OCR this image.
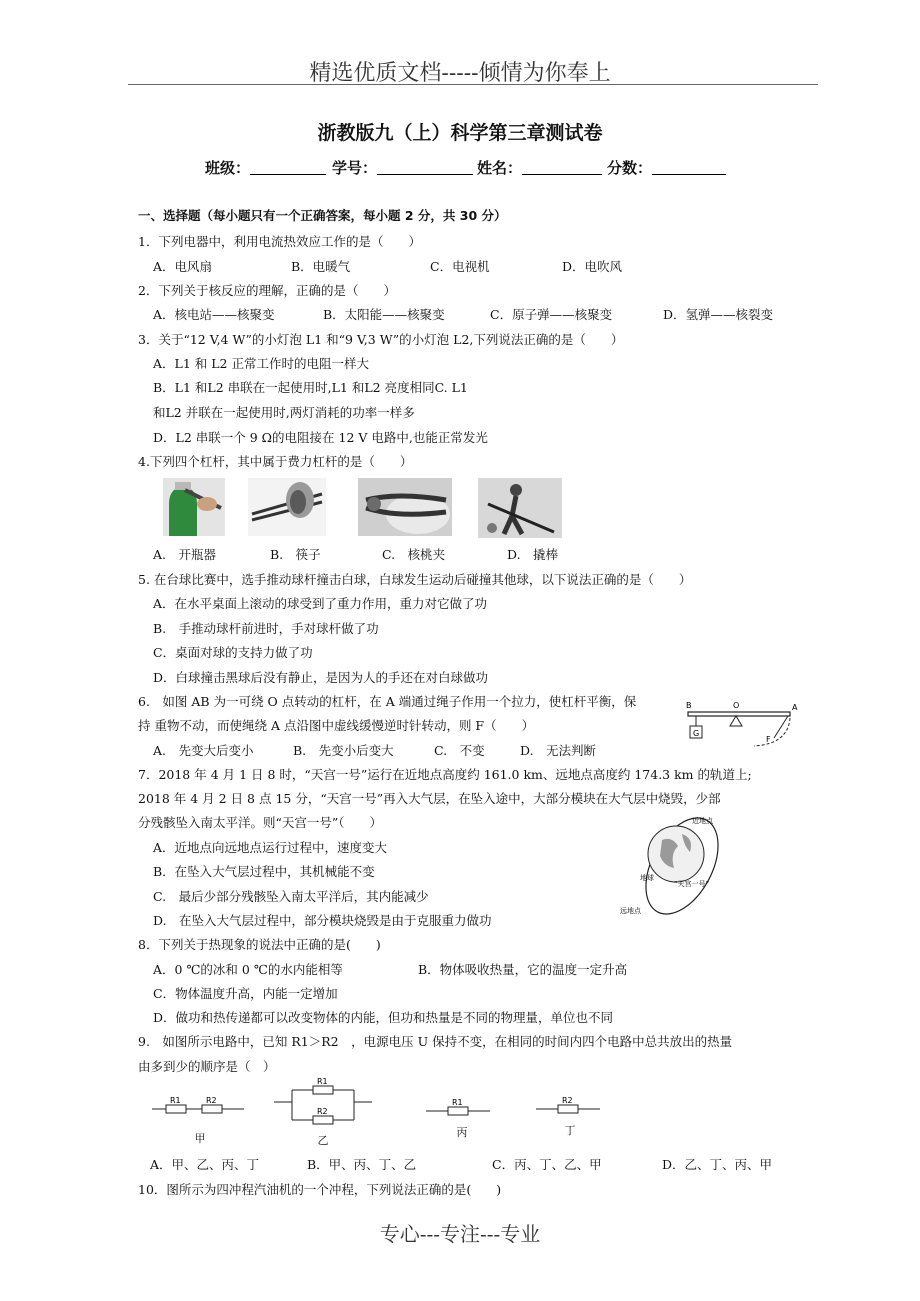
精选优质文档-----倾情为你奉上
浙教版九（上）科学第三章测试卷
班级：	学号：	姓名：	分数：
一、选择题（每小题只有一个正确答案，每小题 2 分，共 30 分）
1．下列电器中，利用电流热效应工作的是（　　）
A．电风扇	B．电暖气	C．电视机	D．电吹风
2．下列关于核反应的理解，正确的是（　　）
A．核电站——核聚变	B．太阳能——核聚变	C．原子弹——核聚变	D．氢弹——核裂变
3．关于“12 V,4 W”的小灯泡 L1 和“9 V,3 W”的小灯泡 L2,下列说法正确的是（　　）
A．L1 和 L2 正常工作时的电阻一样大
B．L1 和L2 串联在一起使用时,L1 和L2 亮度相同C. L1
和L2 并联在一起使用时,两灯消耗的功率一样多
D．L2 串联一个 9 Ω的电阻接在 12 V 电路中,也能正常发光
4.下列四个杠杆，其中属于费力杠杆的是（　　）
A.　开瓶器	B.　筷子	C.　核桃夹	D.　撬棒
5. 在台球比赛中，选手推动球杆撞击白球，白球发生运动后碰撞其他球，以下说法正确的是（　　）
A．在水平桌面上滚动的球受到了重力作用，重力对它做了功
B.　手推动球杆前进时，手对球杆做了功
C．桌面对球的支持力做了功
D．白球撞击黑球后没有静止，是因为人的手还在对白球做功
6.　如图 AB 为一可绕 O 点转动的杠杆，在 A 端通过绳子作用一个拉力，使杠杆平衡，保
持 重物不动，而使绳绕 A 点沿图中虚线缓慢逆时针转动，则 F（　　）
A.　先变大后变小	B.　先变小后变大	C.　不变	D.　无法判断
B	O	A
G
F
7．2018 年 4 月 1 日 8 时，“天宫一号”运行在近地点高度约 161.0 km、远地点高度约 174.3 km 的轨道上;
2018 年 4 月 2 日 8 点 15 分，“天宫一号”再入大气层，在坠入途中，大部分模块在大气层中烧毁，少部
分残骸坠入南太平洋。则“天宫一号”（　　）
A．近地点向远地点运行过程中，速度变大
B．在坠入大气层过程中，其机械能不变
C.　最后少部分残骸坠入南太平洋后，其内能减少
D.　在坠入大气层过程中，部分模块烧毁是由于克服重力做功
近地点
地球
“天宫一号”
远地点
8．下列关于热现象的说法中正确的是(　　)
A．0 ℃的冰和 0 ℃的水内能相等	B．物体吸收热量，它的温度一定升高
C．物体温度升高，内能一定增加
D．做功和热传递都可以改变物体的内能，但功和热量是不同的物理量，单位也不同
9.　如图所示电路中，已知 R1＞R2　，电源电压 U 保持不变，在相同的时间内四个电路中总共放出的热量
由多到少的顺序是（　）
R1	R2
甲
R1
R2
乙
R1
丙
R2
丁
A．甲、乙、丙、丁	B．甲、丙、丁、乙	C．丙、丁、乙、甲	D．乙、丁、丙、甲
10．图所示为四冲程汽油机的一个冲程，下列说法正确的是(　　)
专心---专注---专业
